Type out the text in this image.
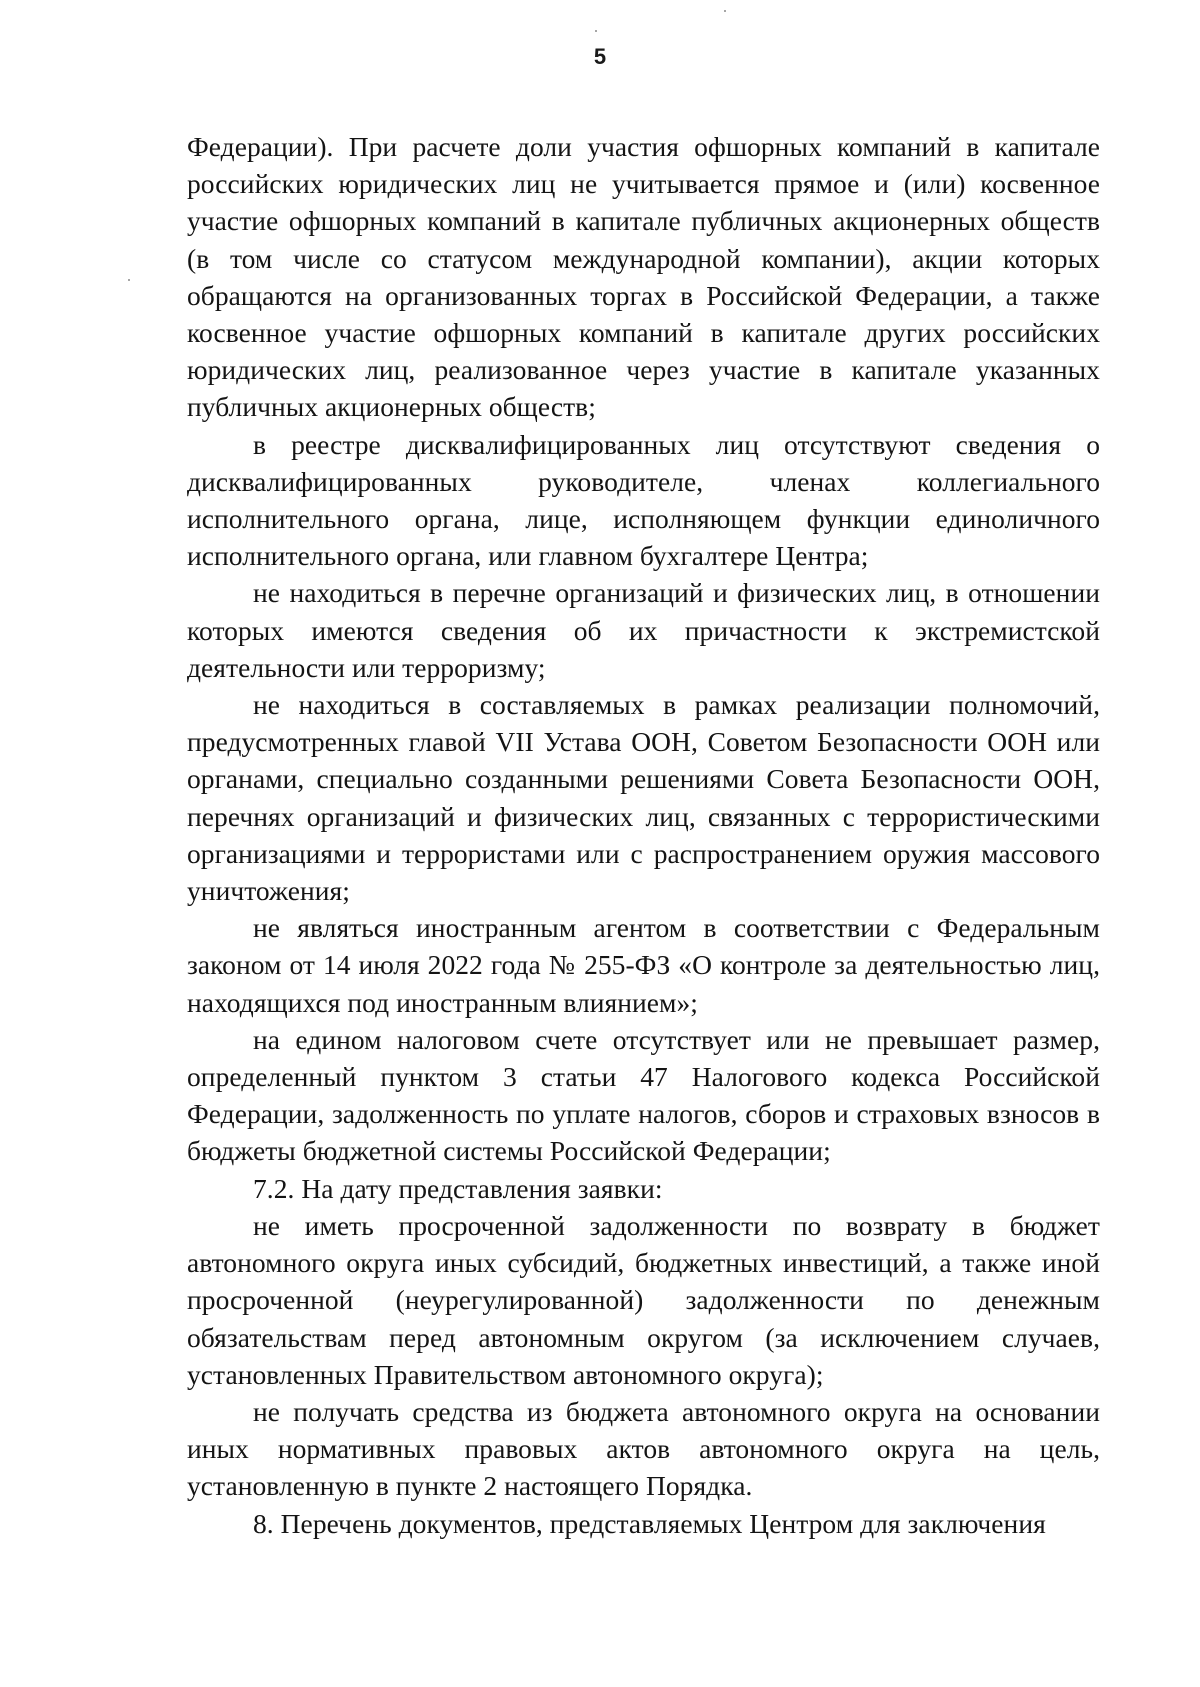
5

Федерации). При расчете доли участия офшорных компаний в капитале российских юридических лиц не учитывается прямое и (или) косвенное участие офшорных компаний в капитале публичных акционерных обществ (в том числе со статусом международной компании), акции которых обращаются на организованных торгах в Российской Федерации, а также косвенное участие офшорных компаний в капитале других российских юридических лиц, реализованное через участие в капитале указанных публичных акционерных обществ;

в реестре дисквалифицированных лиц отсутствуют сведения о дисквалифицированных руководителе, членах коллегиального исполнительного органа, лице, исполняющем функции единоличного исполнительного органа, или главном бухгалтере Центра;

не находиться в перечне организаций и физических лиц, в отношении которых имеются сведения об их причастности к экстремистской деятельности или терроризму;

не находиться в составляемых в рамках реализации полномочий, предусмотренных главой VII Устава ООН, Советом Безопасности ООН или органами, специально созданными решениями Совета Безопасности ООН, перечнях организаций и физических лиц, связанных с террористическими организациями и террористами или с распространением оружия массового уничтожения;

не являться иностранным агентом в соответствии с Федеральным законом от 14 июля 2022 года № 255-ФЗ «О контроле за деятельностью лиц, находящихся под иностранным влиянием»;

на едином налоговом счете отсутствует или не превышает размер, определенный пунктом 3 статьи 47 Налогового кодекса Российской Федерации, задолженность по уплате налогов, сборов и страховых взносов в бюджеты бюджетной системы Российской Федерации;

7.2. На дату представления заявки:

не иметь просроченной задолженности по возврату в бюджет автономного округа иных субсидий, бюджетных инвестиций, а также иной просроченной (неурегулированной) задолженности по денежным обязательствам перед автономным округом (за исключением случаев, установленных Правительством автономного округа);

не получать средства из бюджета автономного округа на основании иных нормативных правовых актов автономного округа на цель, установленную в пункте 2 настоящего Порядка.

8. Перечень документов, представляемых Центром для заключения
